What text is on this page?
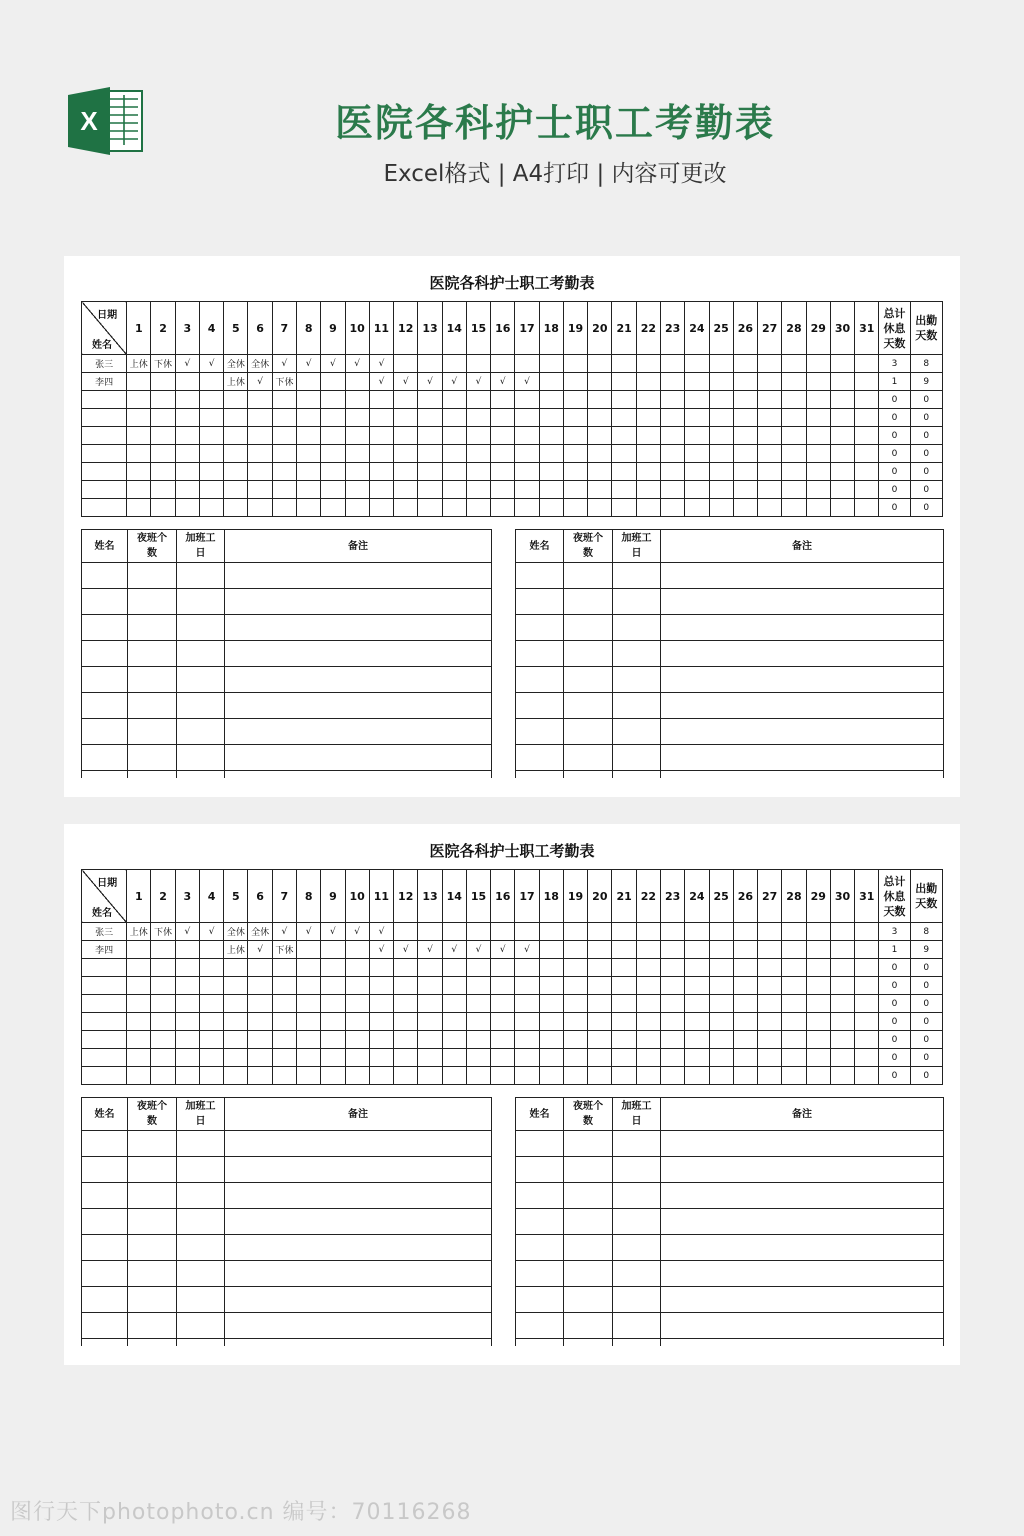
X	医院各科护士职工考勤表
Excel格式 | A4打印 | 内容可更改
医院各科护士职工考勤表
日期
姓名	1	2	3	4	5	6	7	8	9	10	11	12	13	14	15	16	17	18	19	20	21	22	23	24	25	26	27	28	29	30	31	总计休息天数	出勤天数
张三	上休	下休	√	√	全休	全休	√	√	√	√	√																					3	8
李四					上休	√	下休				√	√	√	√	√	√	√															1	9
																																0	0
																																0	0
																																0	0
																																0	0
																																0	0
																																0	0
																																0	0
姓名	夜班个数	加班工日	备注

				姓名	夜班个数	加班工日	备注

医院各科护士职工考勤表
日期
姓名	1	2	3	4	5	6	7	8	9	10	11	12	13	14	15	16	17	18	19	20	21	22	23	24	25	26	27	28	29	30	31	总计休息天数	出勤天数
张三	上休	下休	√	√	全休	全休	√	√	√	√	√																					3	8
李四					上休	√	下休				√	√	√	√	√	√	√															1	9
																																0	0
																																0	0
																																0	0
																																0	0
																																0	0
																																0	0
																																0	0
姓名	夜班个数	加班工日	备注

				姓名	夜班个数	加班工日	备注

图行天下photophoto.cn 编号：70116268
